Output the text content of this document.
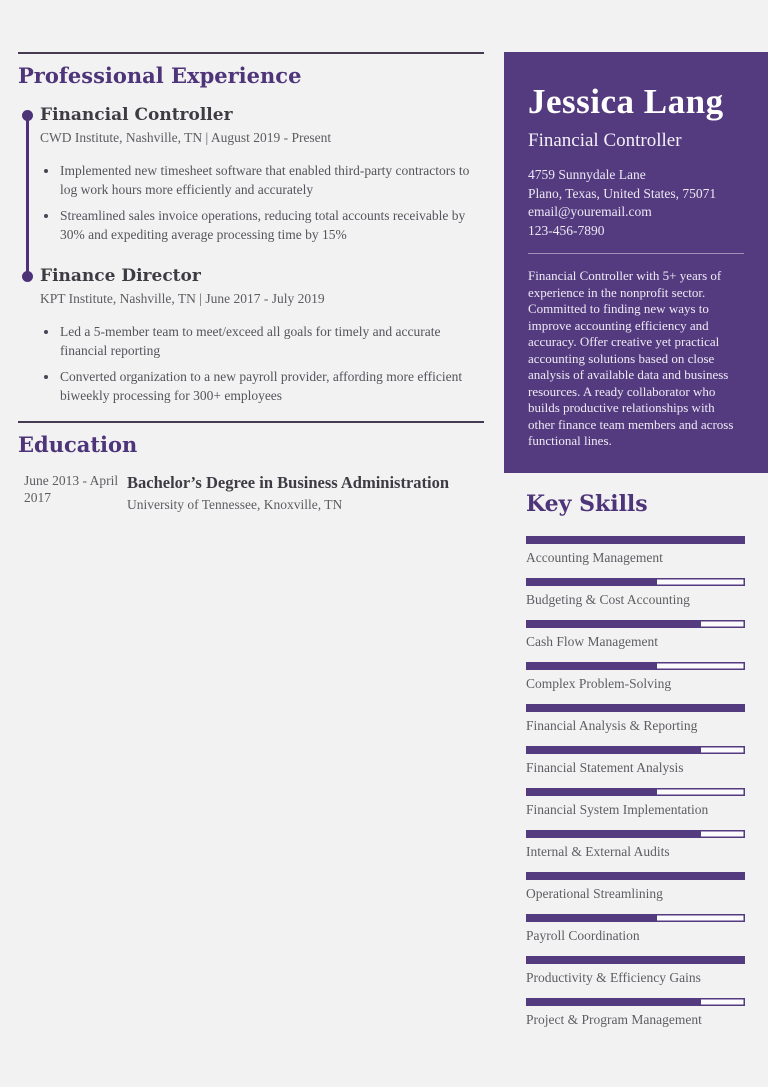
Professional Experience
Financial Controller
CWD Institute, Nashville, TN | August 2019 - Present
Implemented new timesheet software that enabled third-party contractors to log work hours more efficiently and accurately
Streamlined sales invoice operations, reducing total accounts receivable by 30% and expediting average processing time by 15%
Finance Director
KPT Institute, Nashville, TN | June 2017 - July 2019
Led a 5-member team to meet/exceed all goals for timely and accurate financial reporting
Converted organization to a new payroll provider, affording more efficient biweekly processing for 300+ employees
Education
June 2013 - April 2017
Bachelor’s Degree in Business Administration
University of Tennessee, Knoxville, TN
Jessica Lang
Financial Controller
4759 Sunnydale Lane
Plano, Texas, United States, 75071
email@youremail.com
123-456-7890
Financial Controller with 5+ years of experience in the nonprofit sector. Committed to finding new ways to improve accounting efficiency and accuracy. Offer creative yet practical accounting solutions based on close analysis of available data and business resources. A ready collaborator who builds productive relationships with other finance team members and across functional lines.
Key Skills
Accounting Management
Budgeting & Cost Accounting
Cash Flow Management
Complex Problem-Solving
Financial Analysis & Reporting
Financial Statement Analysis
Financial System Implementation
Internal & External Audits
Operational Streamlining
Payroll Coordination
Productivity & Efficiency Gains
Project & Program Management
